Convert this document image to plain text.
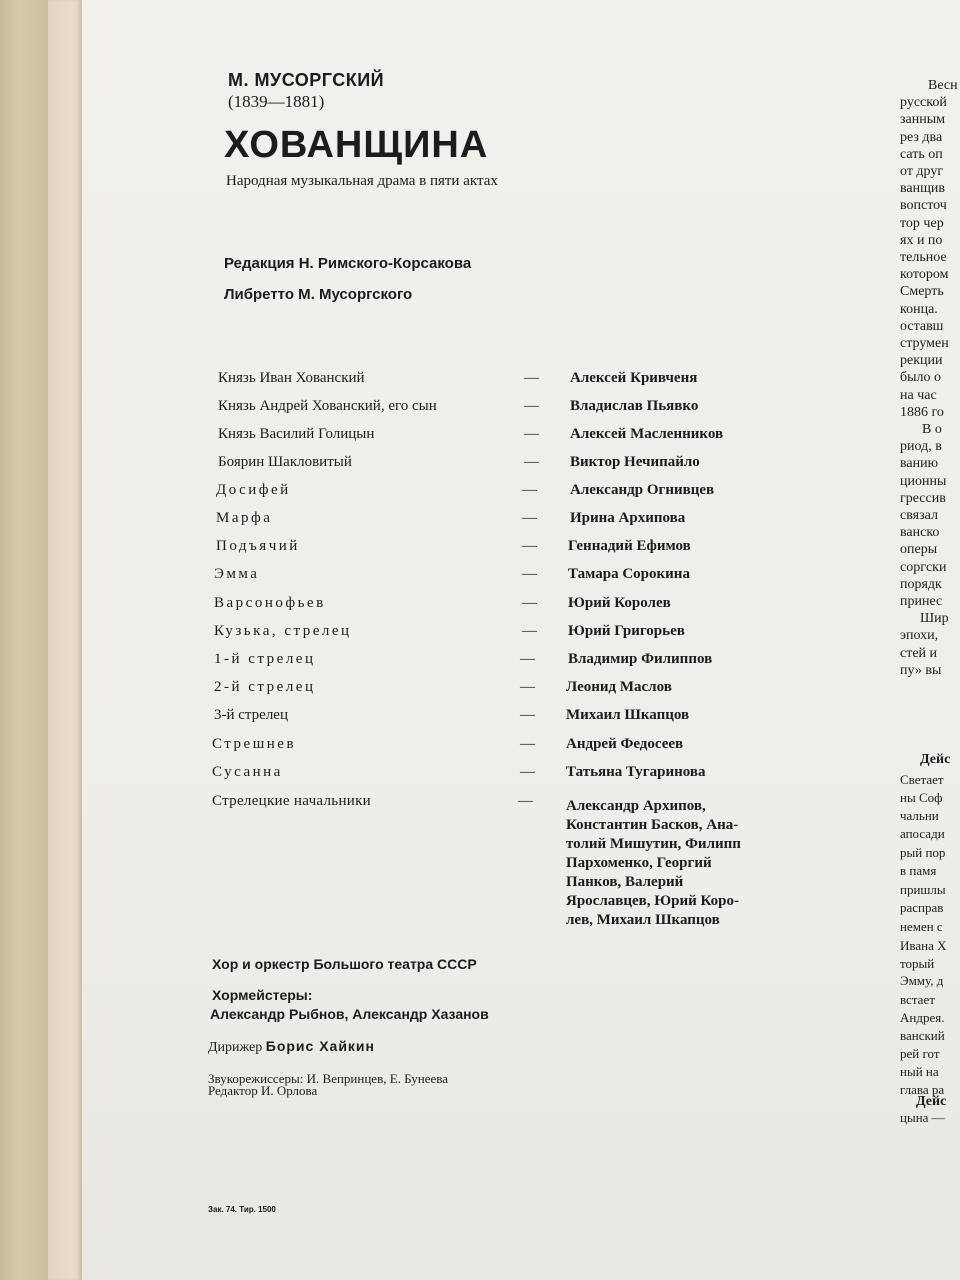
М. МУСОРГСКИЙ
(1839—1881)
ХОВАНЩИНА
Народная музыкальная драма в пяти актах
Редакция Н. Римского-Корсакова
Либретто М. Мусоргского
Князь Иван Хованский	— Алексей Кривченя
Князь Андрей Хованский, его сын	— Владислав Пьявко
Князь Василий Голицын	— Алексей Масленников
Боярин Шакловитый	— Виктор Нечипайло
Досифей	— Александр Огнивцев
Марфа	— Ирина Архипова
Подъячий	— Геннадий Ефимов
Эмма	— Тамара Сорокина
Варсонофьев	— Юрий Королев
Кузька, стрелец	— Юрий Григорьев
1-й стрелец	— Владимир Филиппов
2-й стрелец	— Леонид Маслов
3-й стрелец	— Михаил Шкапцов
Стрешнев	— Андрей Федосеев
Сусанна	— Татьяна Тугаринова
Стрелецкие начальники	— Александр Архипов,
Константин Басков, Ана-
толий Мишутин, Филипп
Пархоменко, Георгий
Панков, Валерий
Ярославцев, Юрий Коро-
лев, Михаил Шкапцов
Хор и оркестр Большого театра СССР
Хормейстеры:
Александр Рыбнов, Александр Хазанов
Дирижер Борис Хайкин
Звукорежиссеры: И. Вепринцев, Е. Бунеева
Редактор И. Орлова
Зак. 74. Тир. 1500
Весн
русской
занным
рез два
сать оп
от друг
ванщив
вопсточ
тор чер
ях и по
тельное
котором
Смерть
конца.
оставш
струмен
рекции
было о
на час
1886 го
В о
риод, в
ванию
ционны
грессив
связал
ванско
оперы
соргски
порядк
принес
Шир
эпохи,
стей и
пу» вы
Дейс
Светает
ны Соф
чальни
апосади
рый пор
в памя
пришлы
расправ
немен с
Ивана Х
торый
Эмму, д
встает
Андрея.
ванский
рей гот
ный на
глава ра
Дейс
цына —
